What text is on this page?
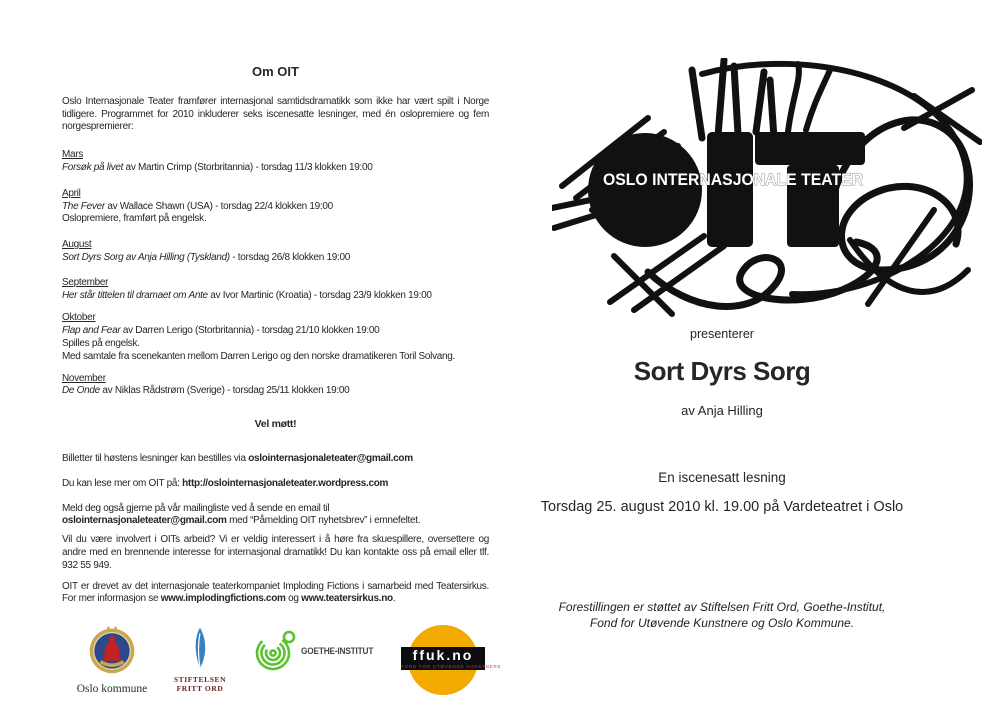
Om OIT

Oslo Internasjonale Teater framfører internasjonal samtidsdramatikk som ikke har vært spilt i Norge tidligere. Programmet for 2010 inkluderer seks iscenesatte lesninger, med én oslopremiere og fem norgespremierer:

Mars
Forsøk på livet av Martin Crimp (Storbritannia) - torsdag 11/3 klokken 19:00
April
The Fever av Wallace Shawn (USA) - torsdag 22/4 klokken 19:00
Oslopremiere, framført på engelsk.
August
Sort Dyrs Sorg av Anja Hilling (Tyskland) - torsdag 26/8 klokken 19:00
September
Her står tittelen til dramaet om Ante av Ivor Martinic (Kroatia) - torsdag 23/9 klokken 19:00
Oktober
Flap and Fear av Darren Lerigo (Storbritannia) - torsdag 21/10 klokken 19:00
Spilles på engelsk.
Med samtale fra scenekanten mellom Darren Lerigo og den norske dramatikeren Toril Solvang.
November
De Onde av Niklas Rådstrøm (Sverige) - torsdag 25/11 klokken 19:00
Vel møtt!

Billetter til høstens lesninger kan bestilles via oslointernasjonaleteater@gmail.com

Du kan lese mer om OIT på: http://oslointernasjonaleteater.wordpress.com

Meld deg også gjerne på vår mailingliste ved å sende en email til oslointernasjonaleteater@gmail.com med “Påmelding OIT nyhetsbrev” i emnefeltet.

Vil du være involvert i OITs arbeid? Vi er veldig interessert i å høre fra skuespillere, oversettere og andre med en brennende interesse for internasjonal dramatikk! Du kan kontakte oss på email eller tlf. 932 55 949.

OIT er drevet av det internasjonale teaterkompaniet Imploding Fictions i samarbeid med Teatersirkus. For mer informasjon se www.implodingfictions.com og www.teatersirkus.no.

Oslo kommune
STIFTELSEN
FRITT ORD
GOETHE-INSTITUT	ffuk.no
FOND FOR UTØVENDE KUNSTNERE
OSLO INTERNASJONALE TEATER
presenterer
Sort Dyrs Sorg
av Anja Hilling
En iscenesatt lesning
Torsdag 25. august 2010 kl. 19.00 på Vardeteatret i Oslo
Forestillingen er støttet av Stiftelsen Fritt Ord, Goethe-Institut,
Fond for Utøvende Kunstnere og Oslo Kommune.
